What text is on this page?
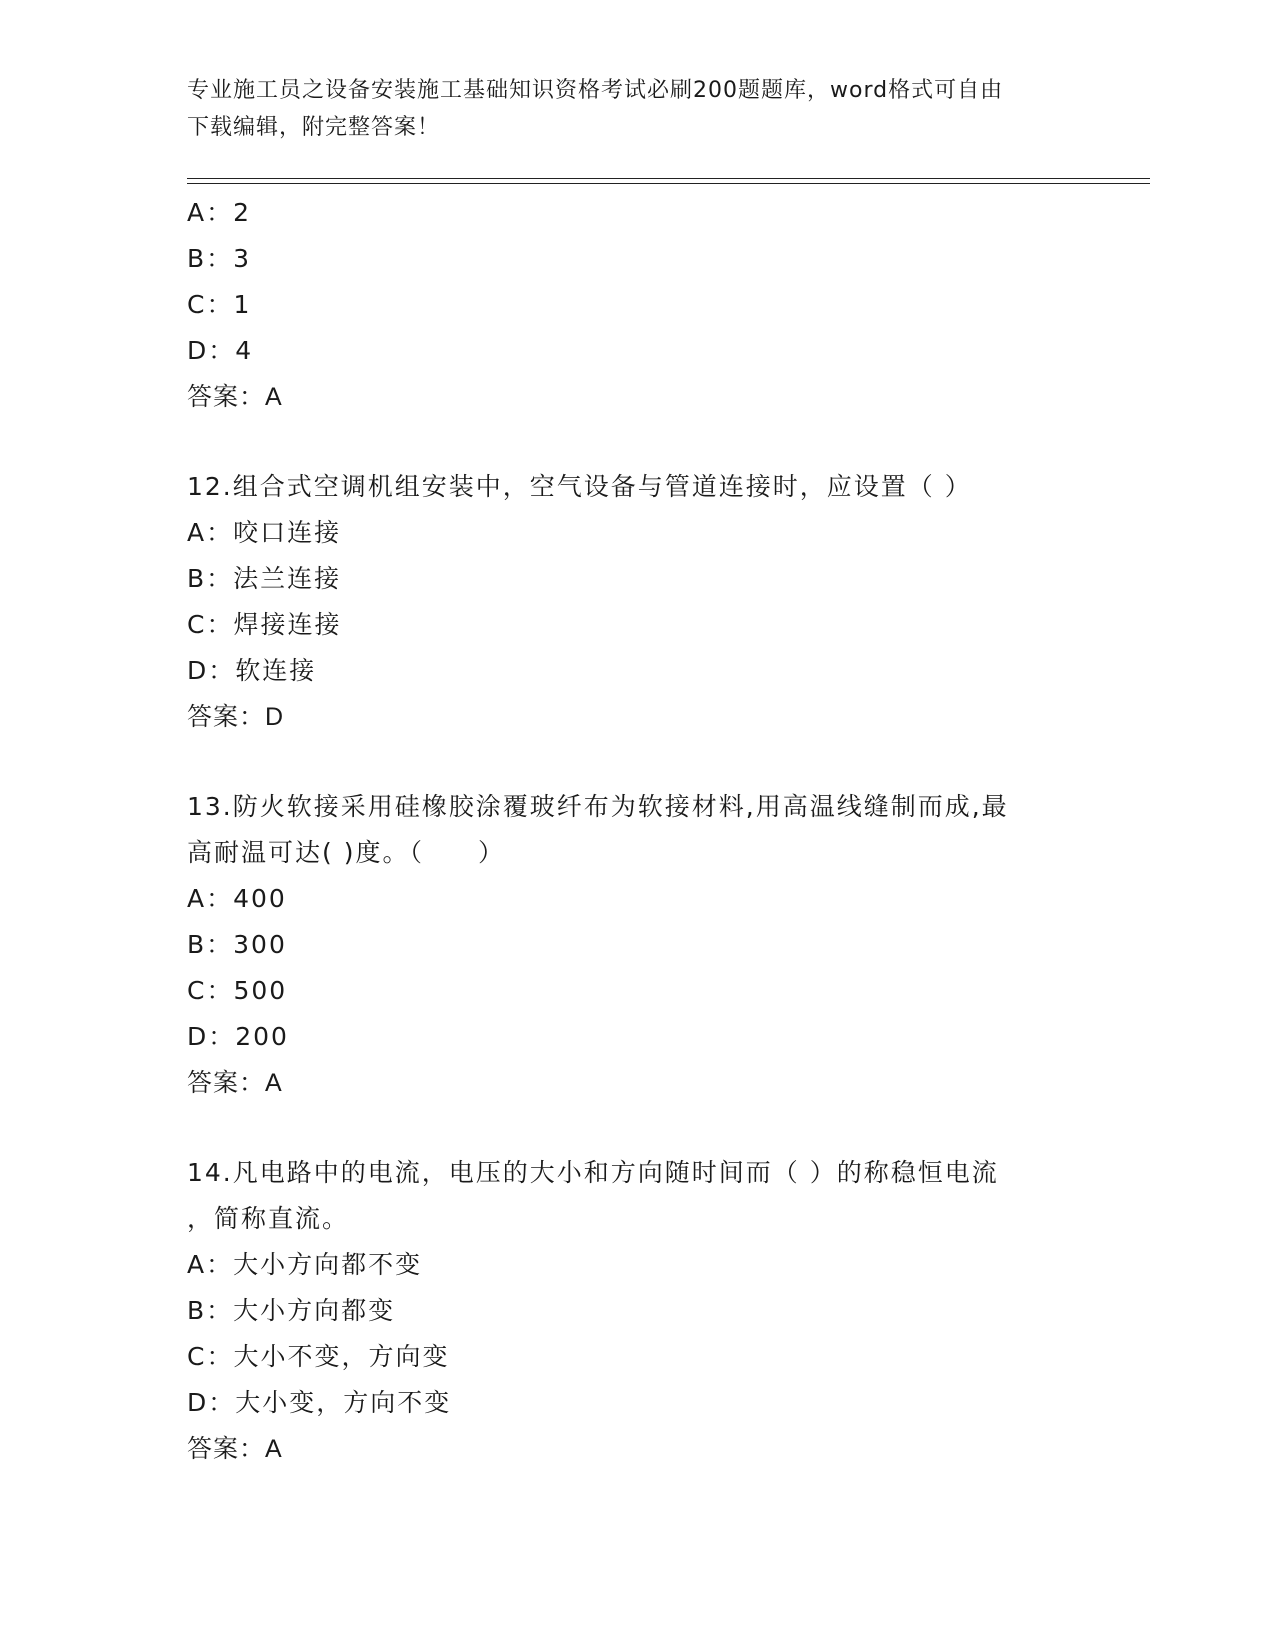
专业施工员之设备安装施工基础知识资格考试必刷200题题库，word格式可自由
下载编辑，附完整答案！
A：2
B：3
C：1
D：4
答案：A
12.组合式空调机组安装中，空气设备与管道连接时，应设置（ ）
A：咬口连接
B：法兰连接
C：焊接连接
D：软连接
答案：D
13.防火软接采用硅橡胶涂覆玻纤布为软接材料,用高温线缝制而成,最
高耐温可达( )度。（　　）
A：400
B：300
C：500
D：200
答案：A
14.凡电路中的电流，电压的大小和方向随时间而（ ）的称稳恒电流
，简称直流。
A：大小方向都不变
B：大小方向都变
C：大小不变，方向变
D：大小变，方向不变
答案：A
